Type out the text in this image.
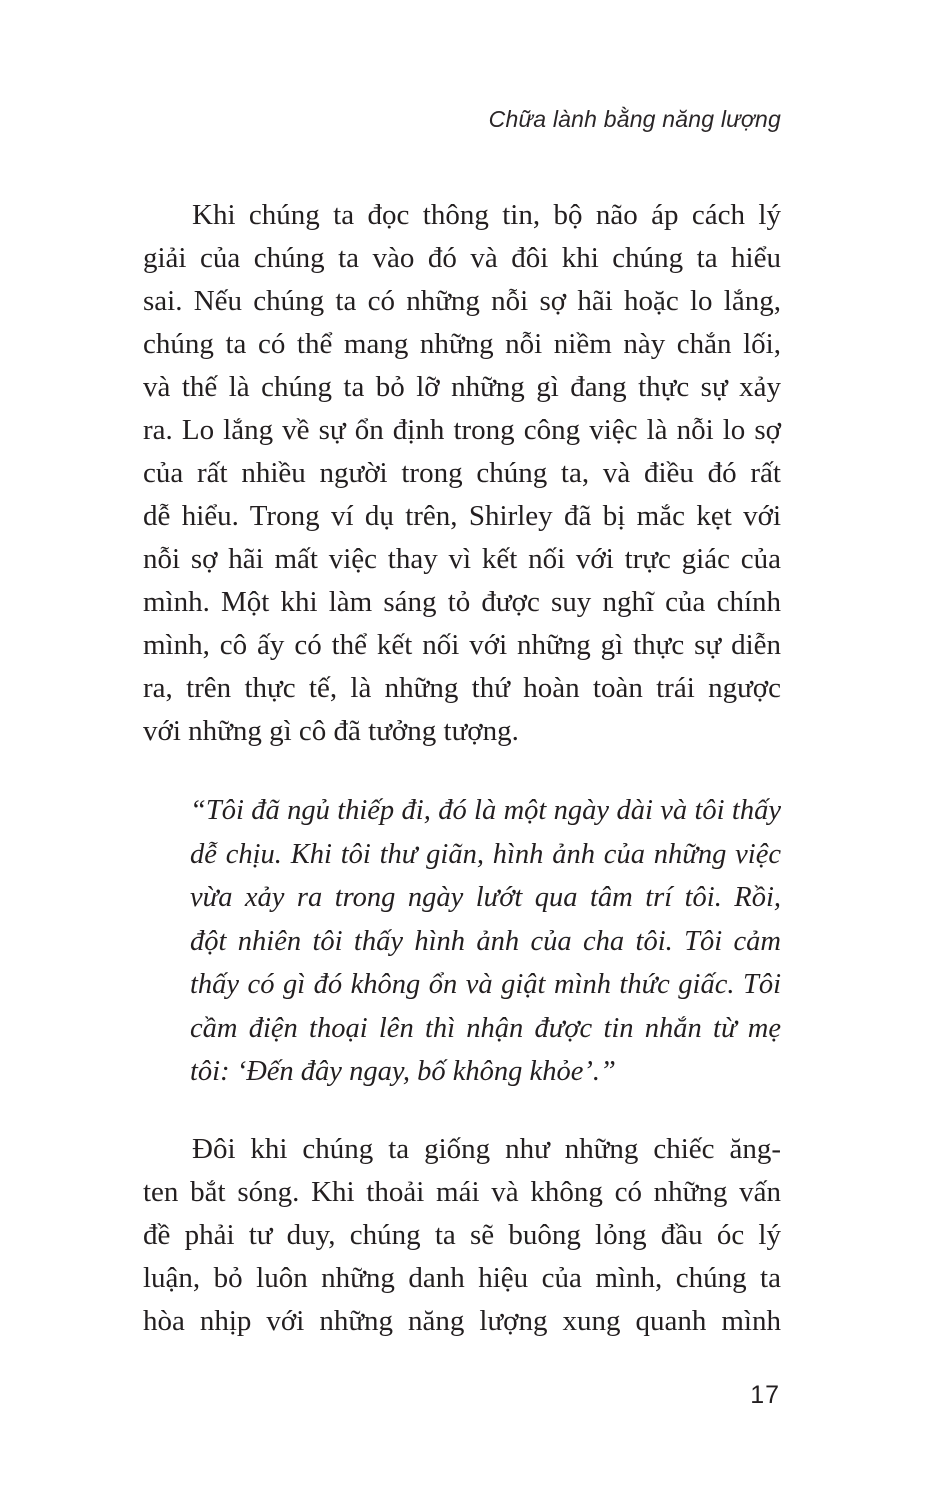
Chữa lành bằng năng lượng
Khi chúng ta đọc thông tin, bộ não áp cách lý
giải của chúng ta vào đó và đôi khi chúng ta hiểu
sai. Nếu chúng ta có những nỗi sợ hãi hoặc lo lắng,
chúng ta có thể mang những nỗi niềm này chắn lối,
và thế là chúng ta bỏ lỡ những gì đang thực sự xảy
ra. Lo lắng về sự ổn định trong công việc là nỗi lo sợ
của rất nhiều người trong chúng ta, và điều đó rất
dễ hiểu. Trong ví dụ trên, Shirley đã bị mắc kẹt với
nỗi sợ hãi mất việc thay vì kết nối với trực giác của
mình. Một khi làm sáng tỏ được suy nghĩ của chính
mình, cô ấy có thể kết nối với những gì thực sự diễn
ra, trên thực tế, là những thứ hoàn toàn trái ngược
với những gì cô đã tưởng tượng.
“Tôi đã ngủ thiếp đi, đó là một ngày dài và tôi thấy
dễ chịu. Khi tôi thư giãn, hình ảnh của những việc
vừa xảy ra trong ngày lướt qua tâm trí tôi. Rồi,
đột nhiên tôi thấy hình ảnh của cha tôi. Tôi cảm
thấy có gì đó không ổn và giật mình thức giấc. Tôi
cầm điện thoại lên thì nhận được tin nhắn từ mẹ
tôi: ‘Đến đây ngay, bố không khỏe’.”
Đôi khi chúng ta giống như những chiếc ăng-
ten bắt sóng. Khi thoải mái và không có những vấn
đề phải tư duy, chúng ta sẽ buông lỏng đầu óc lý
luận, bỏ luôn những danh hiệu của mình, chúng ta
hòa nhịp với những năng lượng xung quanh mình
17
